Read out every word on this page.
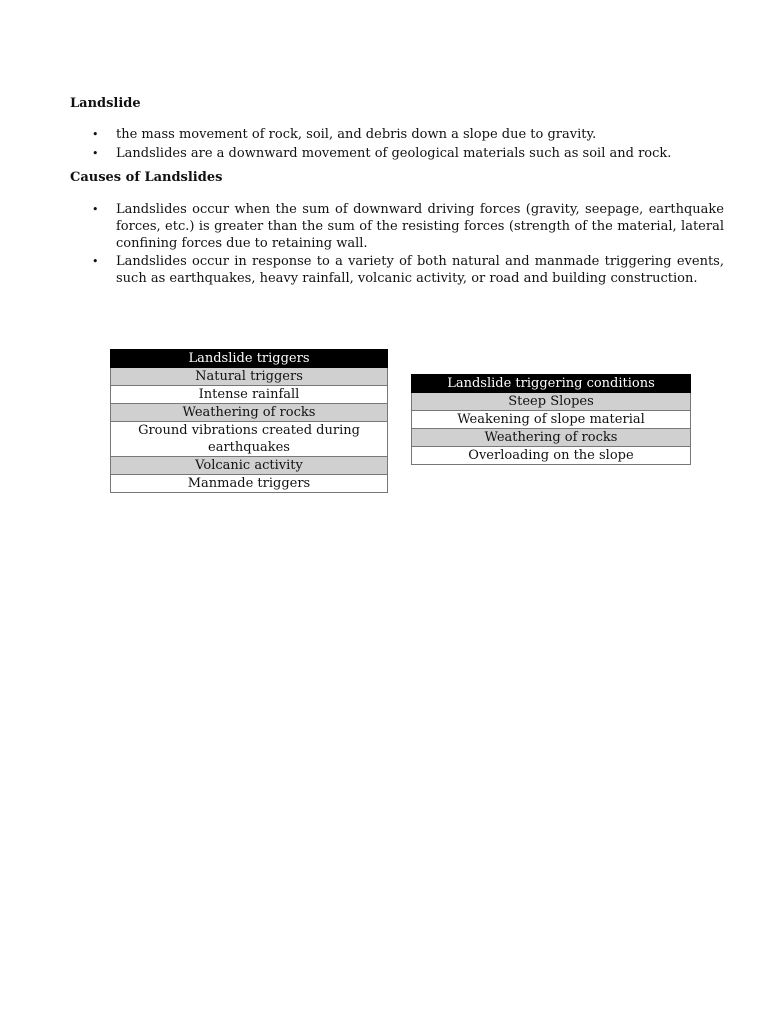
Landslide
• the mass movement of rock, soil, and debris down a slope due to gravity.
• Landslides are a downward movement of geological materials such as soil and rock.
Causes of Landslides
• Landslides occur when the sum of downward driving forces (gravity, seepage, earthquake forces, etc.) is greater than the sum of the resisting forces (strength of the material, lateral confining forces due to retaining wall.
• Landslides occur in response to a variety of both natural and manmade triggering events, such as earthquakes, heavy rainfall, volcanic activity, or road and building construction.
Landslide triggers
Natural triggers
Intense rainfall
Weathering of rocks
Ground vibrations created during earthquakes
Volcanic activity
Manmade triggers
Landslide triggering conditions
Steep Slopes
Weakening of slope material
Weathering of rocks
Overloading on the slope
